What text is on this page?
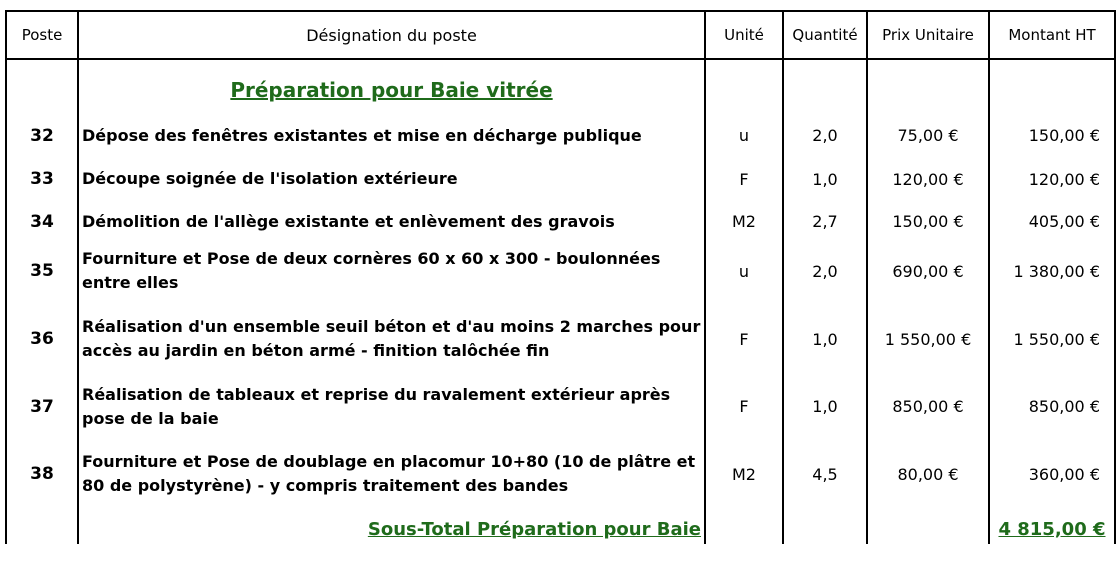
Poste	Désignation du poste	Unité	Quantité	Prix Unitaire	Montant HT
	Préparation pour Baie vitrée				
32	Dépose des fenêtres existantes et mise en décharge publique	u	2,0	75,00 €	150,00 €
33	Découpe soignée de l'isolation extérieure	F	1,0	120,00 €	120,00 €
34	Démolition de l'allège existante et enlèvement des gravois	M2	2,7	150,00 €	405,00 €
35	Fourniture et Pose de deux cornères 60 x 60 x 300 - boulonnées entre elles	u	2,0	690,00 €	1 380,00 €
36	Réalisation d'un ensemble seuil béton et d'au moins 2 marches pour accès au jardin en béton armé - finition talôchée fin	F	1,0	1 550,00 €	1 550,00 €
37	Réalisation de tableaux et reprise du ravalement extérieur après pose de la baie	F	1,0	850,00 €	850,00 €
38	Fourniture et Pose de doublage en placomur 10+80 (10 de plâtre et 80 de polystyrène) - y compris traitement des bandes	M2	4,5	80,00 €	360,00 €
	Sous-Total Préparation pour Baie				4 815,00 €
